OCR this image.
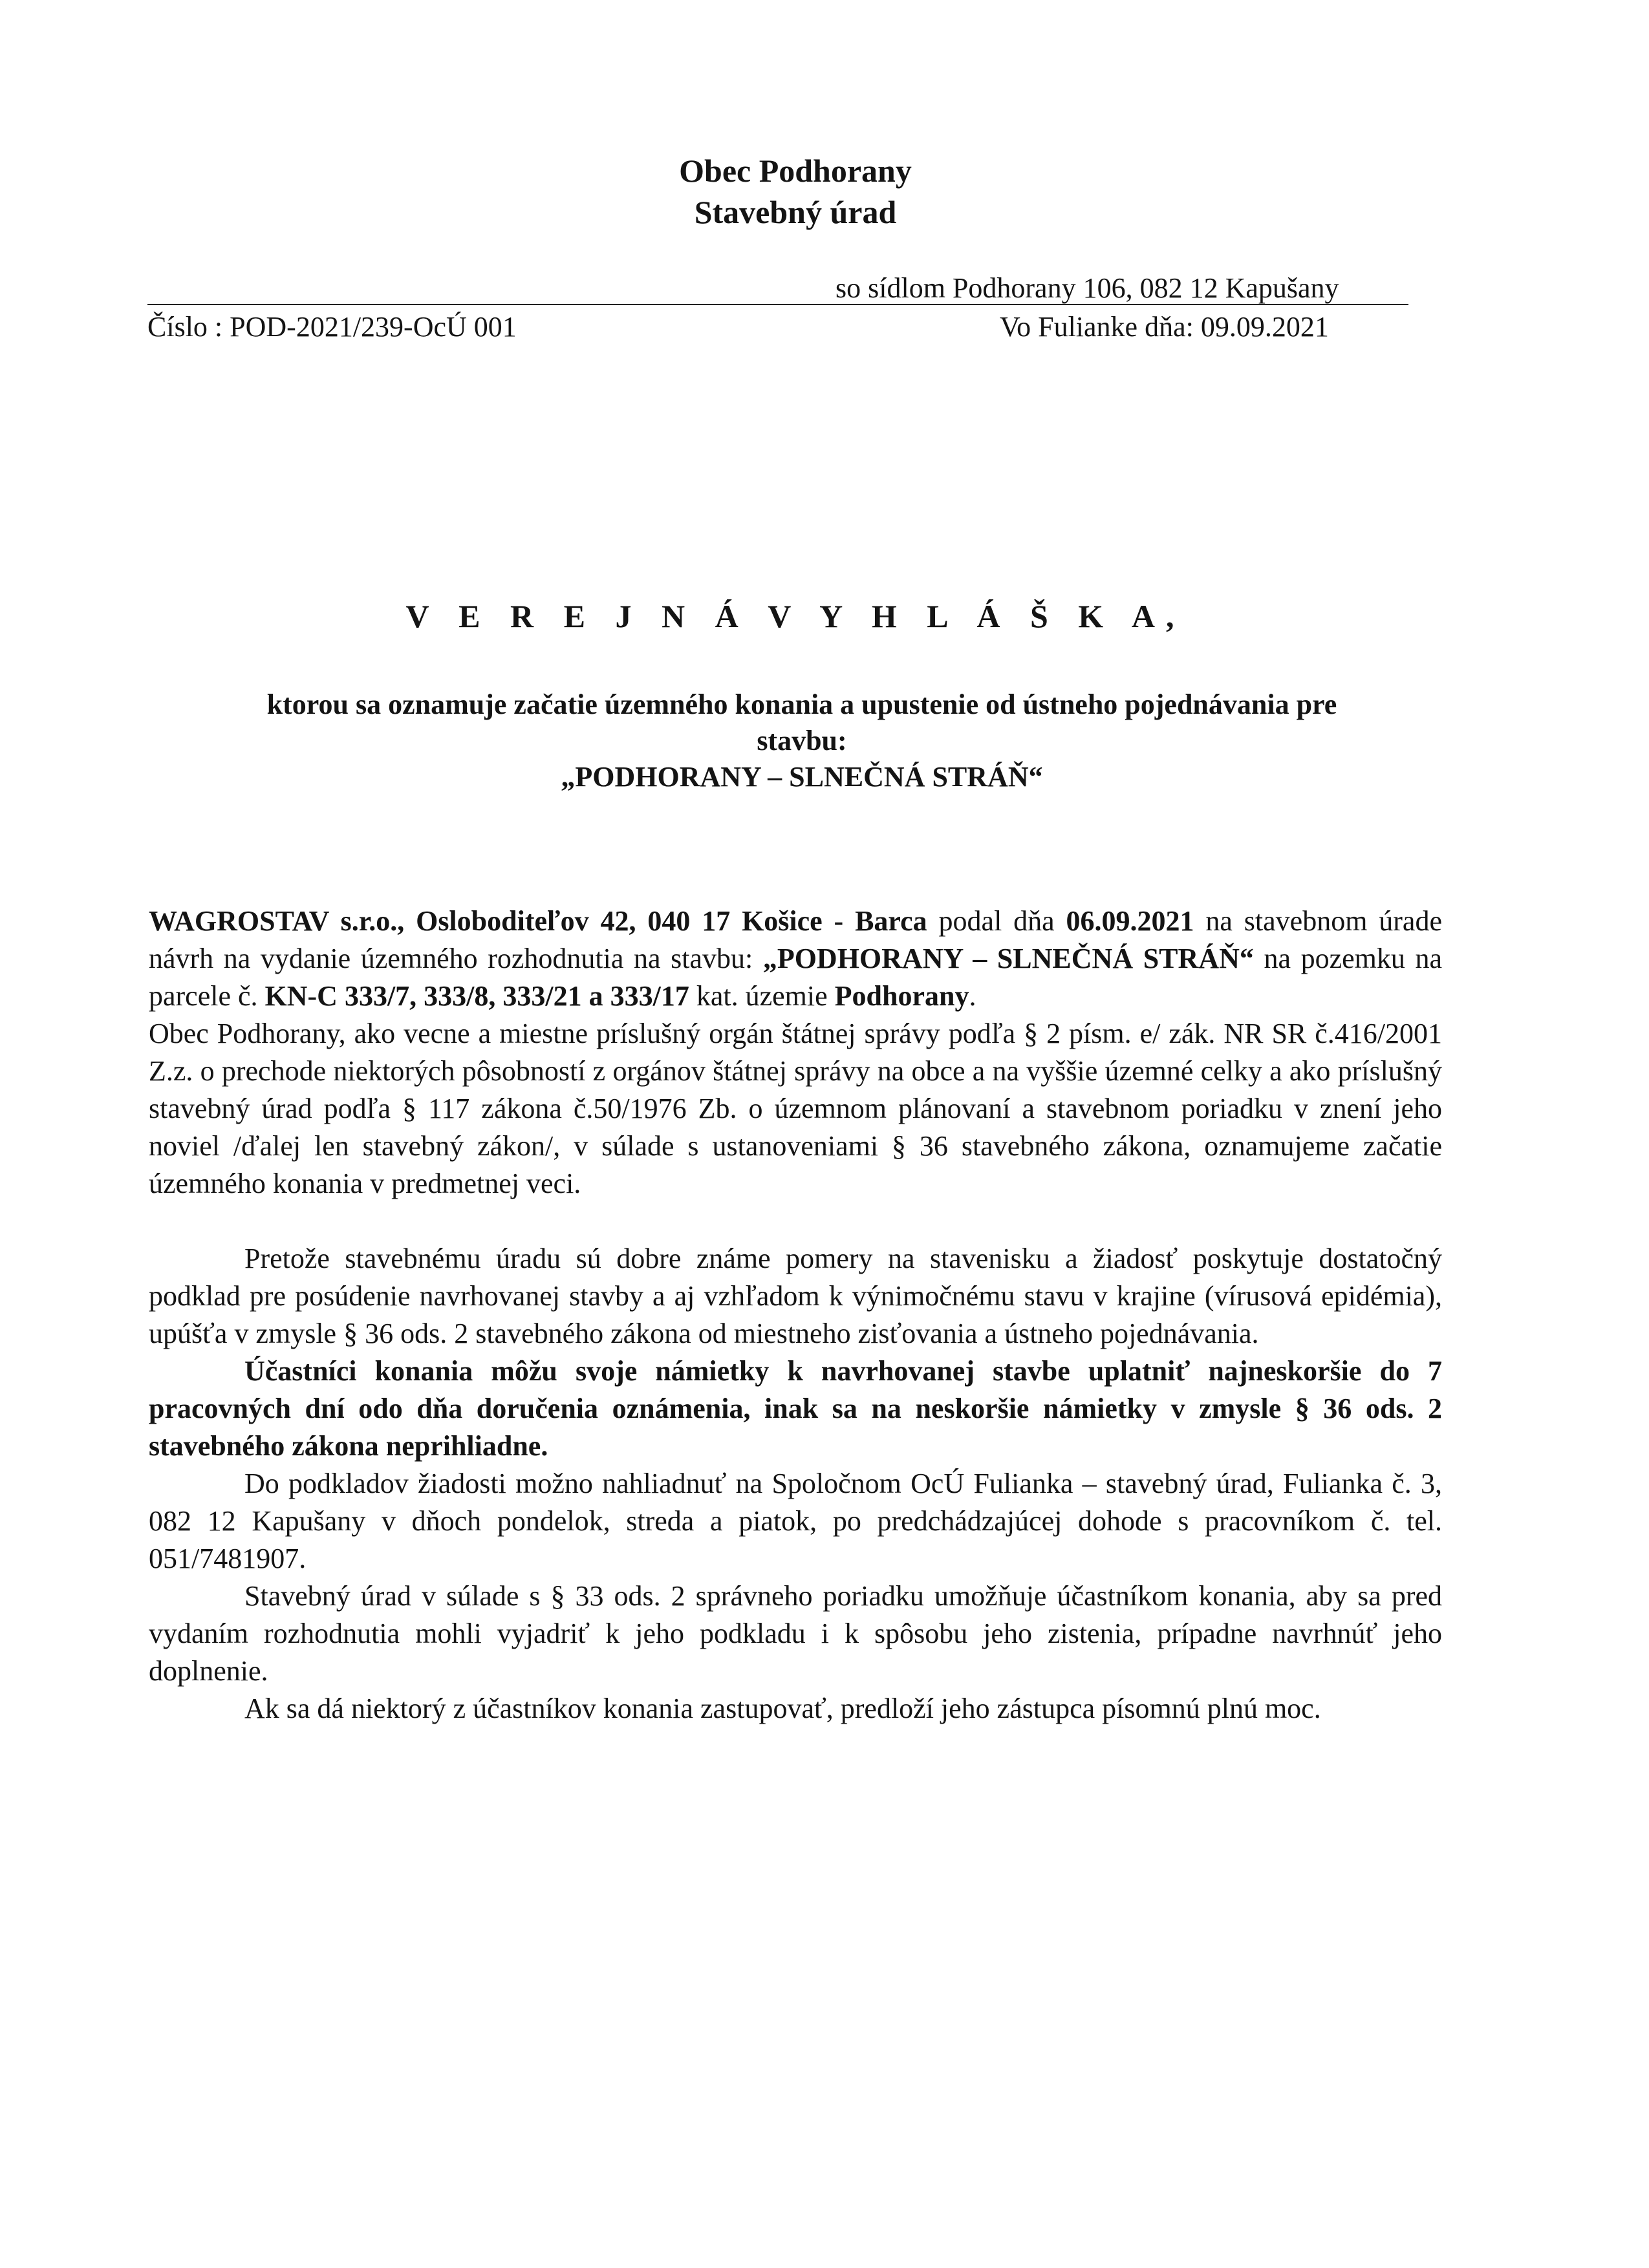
Obec Podhorany
Stavebný úrad
so sídlom Podhorany 106, 082 12 Kapušany
Číslo : POD-2021/239-OcÚ 001	Vo Fulianke dňa: 09.09.2021
V E R E J N Á V Y H L Á Š K A,
ktorou sa oznamuje začatie územného konania a upustenie od ústneho pojednávania pre
stavbu:
„PODHORANY – SLNEČNÁ STRÁŇ“

WAGROSTAV s.r.o., Osloboditeľov 42, 040 17 Košice - Barca podal dňa 06.09.2021 na stavebnom úrade návrh na vydanie územného rozhodnutia na stavbu: „PODHORANY – SLNEČNÁ STRÁŇ“ na pozemku na parcele č. KN-C 333/7, 333/8, 333/21 a 333/17 kat. územie Podhorany.

Obec Podhorany, ako vecne a miestne príslušný orgán štátnej správy podľa § 2 písm. e/ zák. NR SR č.416/2001 Z.z. o prechode niektorých pôsobností z orgánov štátnej správy na obce a na vyššie územné celky a ako príslušný stavebný úrad podľa § 117 zákona č.50/1976 Zb. o územnom plánovaní a stavebnom poriadku v znení jeho noviel /ďalej len stavebný zákon/, v súlade s ustanoveniami § 36 stavebného zákona, oznamujeme začatie územného konania v predmetnej veci.

Pretože stavebnému úradu sú dobre známe pomery na stavenisku a žiadosť poskytuje dostatočný podklad pre posúdenie navrhovanej stavby a aj vzhľadom k výnimočnému stavu v krajine (vírusová epidémia), upúšťa v zmysle § 36 ods. 2 stavebného zákona od miestneho zisťovania a ústneho pojednávania.

Účastníci konania môžu svoje námietky k navrhovanej stavbe uplatniť najneskoršie do 7 pracovných dní odo dňa doručenia oznámenia, inak sa na neskoršie námietky v zmysle § 36 ods. 2 stavebného zákona neprihliadne.

Do podkladov žiadosti možno nahliadnuť na Spoločnom OcÚ Fulianka – stavebný úrad, Fulianka č. 3, 082 12 Kapušany v dňoch pondelok, streda a piatok, po predchádzajúcej dohode s pracovníkom č. tel. 051/7481907.

Stavebný úrad v súlade s § 33 ods. 2 správneho poriadku umožňuje účastníkom konania, aby sa pred vydaním rozhodnutia mohli vyjadriť k jeho podkladu i k spôsobu jeho zistenia, prípadne navrhnúť jeho doplnenie.

Ak sa dá niektorý z účastníkov konania zastupovať, predloží jeho zástupca písomnú plnú moc.
